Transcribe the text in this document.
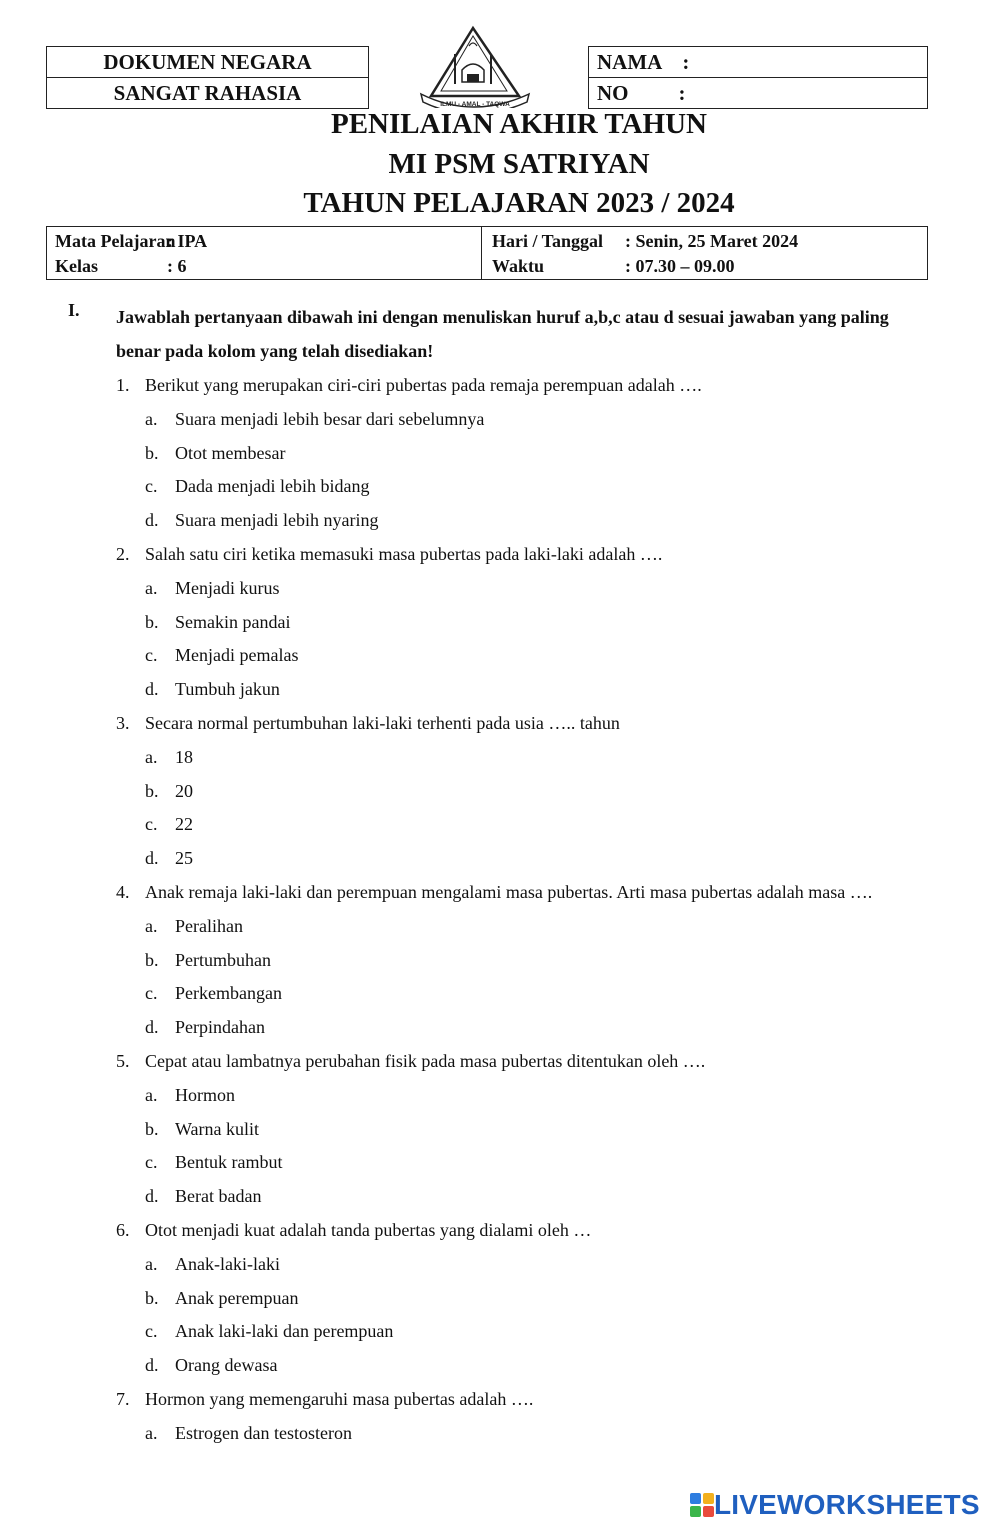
DOKUMEN NEGARA
SANGAT RAHASIA	ILMU - AMAL - TAQWA
NAMA :
NO :
PENILAIAN AKHIR TAHUN
MI PSM SATRIYAN
TAHUN PELAJARAN 2023 / 2024
Mata Pelajaran: IPA
Kelas	: 6
Hari / Tanggal : Senin, 25 Maret 2024
Waktu	: 07.30 – 09.00
I. Jawablah pertanyaan dibawah ini dengan menuliskan huruf a,b,c atau d sesuai jawaban yang paling benar pada kolom yang telah disediakan!
1. Berikut yang merupakan ciri-ciri pubertas pada remaja perempuan adalah ….
a. Suara menjadi lebih besar dari sebelumnya
b. Otot membesar
c. Dada menjadi lebih bidang
d. Suara menjadi lebih nyaring
2. Salah satu ciri ketika memasuki masa pubertas pada laki-laki adalah ….
a. Menjadi kurus
b. Semakin pandai
c. Menjadi pemalas
d. Tumbuh jakun
3. Secara normal pertumbuhan laki-laki terhenti pada usia ….. tahun
a. 18
b. 20
c. 22
d. 25
4. Anak remaja laki-laki dan perempuan mengalami masa pubertas. Arti masa pubertas adalah masa ….
a. Peralihan
b. Pertumbuhan
c. Perkembangan
d. Perpindahan
5. Cepat atau lambatnya perubahan fisik pada masa pubertas ditentukan oleh ….
a. Hormon
b. Warna kulit
c. Bentuk rambut
d. Berat badan
6. Otot menjadi kuat adalah tanda pubertas yang dialami oleh …
a. Anak-laki-laki
b. Anak perempuan
c. Anak laki-laki dan perempuan
d. Orang dewasa
7. Hormon yang memengaruhi masa pubertas adalah ….
a. Estrogen dan testosteron
LIVEWORKSHEETS
